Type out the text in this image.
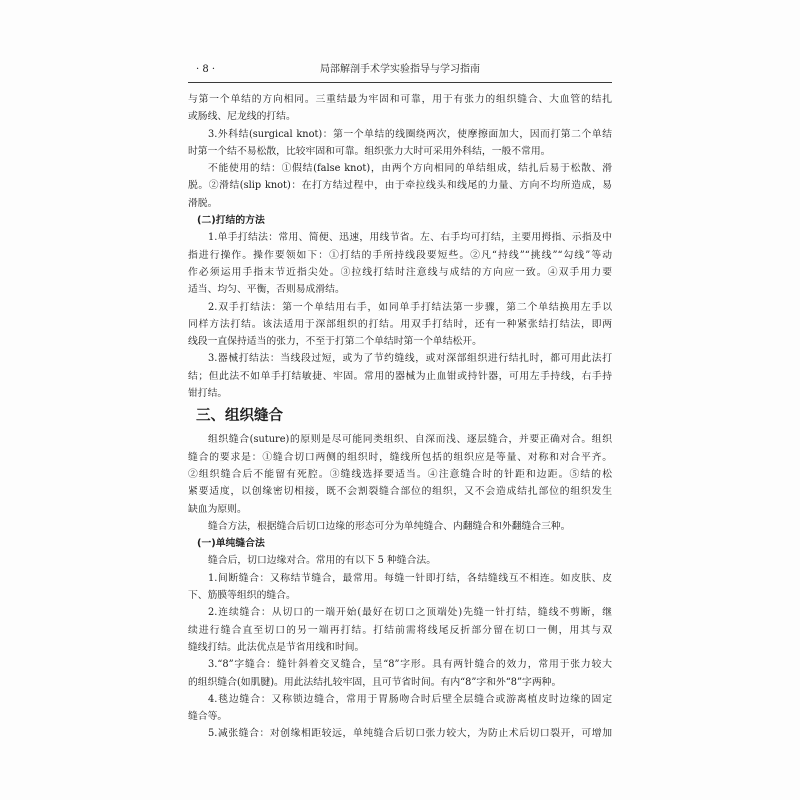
· 8 ·	局部解剖手术学实验指导与学习指南
与第一个单结的方向相同。三重结最为牢固和可靠，用于有张力的组织缝合、大血管的结扎
或肠线、尼龙线的打结。
3.外科结(surgical knot)：第一个单结的线圈绕两次，使摩擦面加大，因而打第二个单结
时第一个结不易松散，比较牢固和可靠。组织张力大时可采用外科结，一般不常用。
不能使用的结：①假结(false knot)，由两个方向相同的单结组成，结扎后易于松散、滑
脱。②滑结(slip knot)：在打方结过程中，由于牵拉线头和线尾的力量、方向不均所造成，易
滑脱。
(二)打结的方法
1.单手打结法：常用、简便、迅速，用线节省。左、右手均可打结，主要用拇指、示指及中
指进行操作。操作要领如下：①打结的手所持线段要短些。②凡“持线”“挑线”“勾线”等动
作必须运用手指末节近指尖处。③拉线打结时注意线与成结的方向应一致。④双手用力要
适当、均匀、平衡，否则易成滑结。
2.双手打结法：第一个单结用右手，如同单手打结法第一步骤，第二个单结换用左手以
同样方法打结。该法适用于深部组织的打结。用双手打结时，还有一种紧张结打结法，即两
线段一直保持适当的张力，不至于打第二个单结时第一个单结松开。
3.器械打结法：当线段过短，或为了节约缝线，或对深部组织进行结扎时，都可用此法打
结；但此法不如单手打结敏捷、牢固。常用的器械为止血钳或持针器，可用左手持线，右手持
钳打结。
三、组织缝合
组织缝合(suture)的原则是尽可能同类组织、自深而浅、逐层缝合，并要正确对合。组织
缝合的要求是：①缝合切口两侧的组织时，缝线所包括的组织应是等量、对称和对合平齐。
②组织缝合后不能留有死腔。③缝线选择要适当。④注意缝合时的针距和边距。⑤结的松
紧要适度，以创缘密切相接，既不会割裂缝合部位的组织，又不会造成结扎部位的组织发生
缺血为原则。
缝合方法，根据缝合后切口边缘的形态可分为单纯缝合、内翻缝合和外翻缝合三种。
(一)单纯缝合法
缝合后，切口边缘对合。常用的有以下 5 种缝合法。
1.间断缝合：又称结节缝合，最常用。每缝一针即打结，各结缝线互不相连。如皮肤、皮
下、筋膜等组织的缝合。
2.连续缝合：从切口的一端开始(最好在切口之顶端处)先缝一针打结，缝线不剪断，继
续进行缝合直至切口的另一端再打结。打结前需将线尾反折部分留在切口一侧，用其与双
缝线打结。此法优点是节省用线和时间。
3.“8”字缝合：缝针斜着交叉缝合，呈“8”字形。具有两针缝合的效力，常用于张力较大
的组织缝合(如肌腱)。用此法结扎较牢固，且可节省时间。有内“8”字和外“8”字两种。
4.毯边缝合：又称锁边缝合，常用于胃肠吻合时后壁全层缝合或游离植皮时边缘的固定
缝合等。
5.减张缝合：对创缘相距较远，单纯缝合后切口张力较大，为防止术后切口裂开，可增加
